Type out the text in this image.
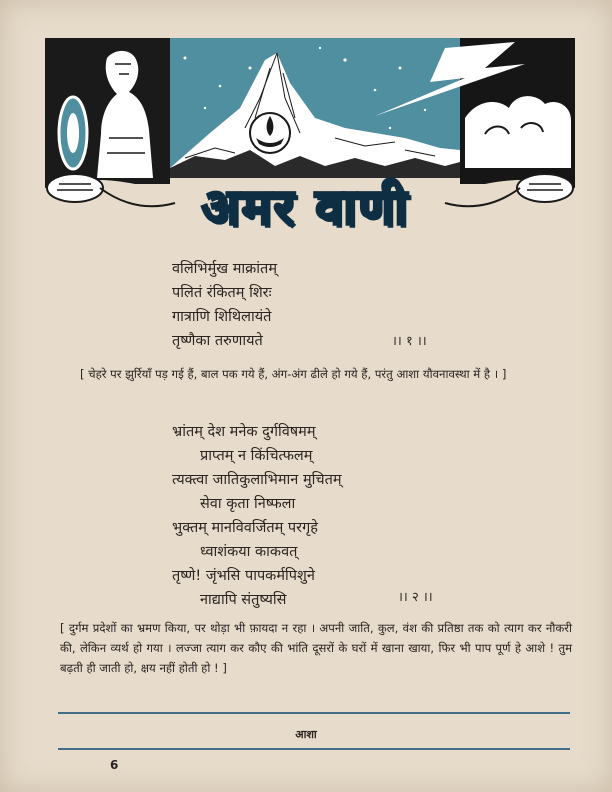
अमर वाणी
वलिभिर्मुख माक्रांतम्
पलितं रंकितम् शिरः
गात्राणि शिथिलायंते
तृष्णैका तरुणायते	।। १ ।।
[ चेहरे पर झुर्रियाँ पड़ गई हैं, बाल पक गये हैं, अंग-अंग ढीले हो गये हैं, परंतु आशा यौवनावस्था में है । ]
भ्रांतम् देश मनेक दुर्गविषमम्
प्राप्तम् न किंचित्फलम्
त्यक्त्वा जातिकुलाभिमान मुचितम्
सेवा कृता निष्फला
भुक्तम् मानविवर्जितम् परगृहे
ध्वाशंकया काकवत्
तृष्णे! जृंभसि पापकर्मपिशुने
नाद्यापि संतुष्यसि	।। २ ।।
[ दुर्गम प्रदेशों का भ्रमण किया, पर थोड़ा भी फ़ायदा न रहा । अपनी जाति, कुल, वंश की प्रतिष्ठा तक को त्याग कर नौकरी की, लेकिन व्यर्थ हो गया । लज्जा त्याग कर कौए की भांति दूसरों के घरों में खाना खाया, फिर भी पाप पूर्ण हे आशे ! तुम बढ़ती ही जाती हो, क्षय नहीं होती हो ! ]
आशा
6
